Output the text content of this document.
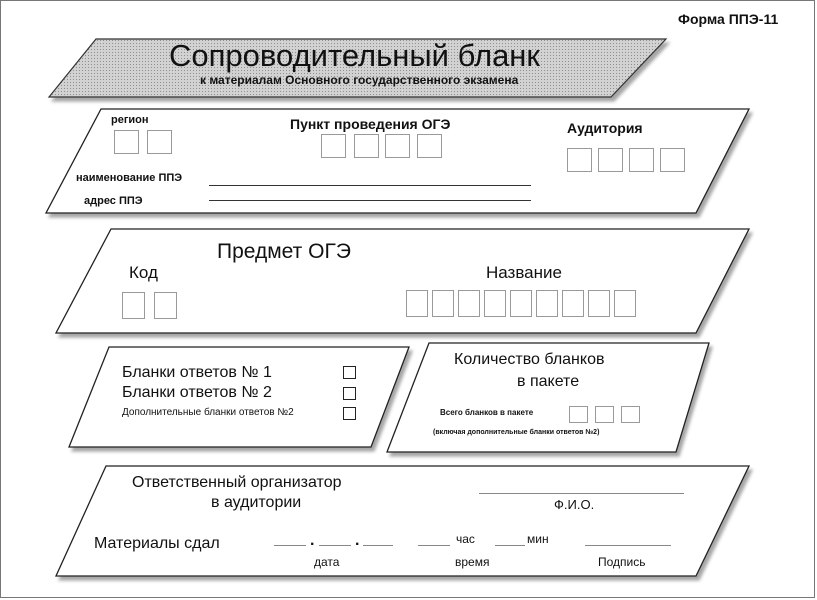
Форма ППЭ-11
Сопроводительный бланк
к материалам Основного государственного экзамена
регион	Пункт проведения ОГЭ	Аудитория
наименование ППЭ
адрес ППЭ
Предмет ОГЭ
Код	Название
Бланки ответов № 1
Бланки ответов № 2
Дополнительные бланки ответов №2
Количество бланков
в пакете
Всего бланков в пакете
(включая дополнительные бланки ответов №2)
Ответственный организатор
в аудитории	Ф.И.О.
Материалы сдал	.	.	час	мин
дата	время	Подпись
